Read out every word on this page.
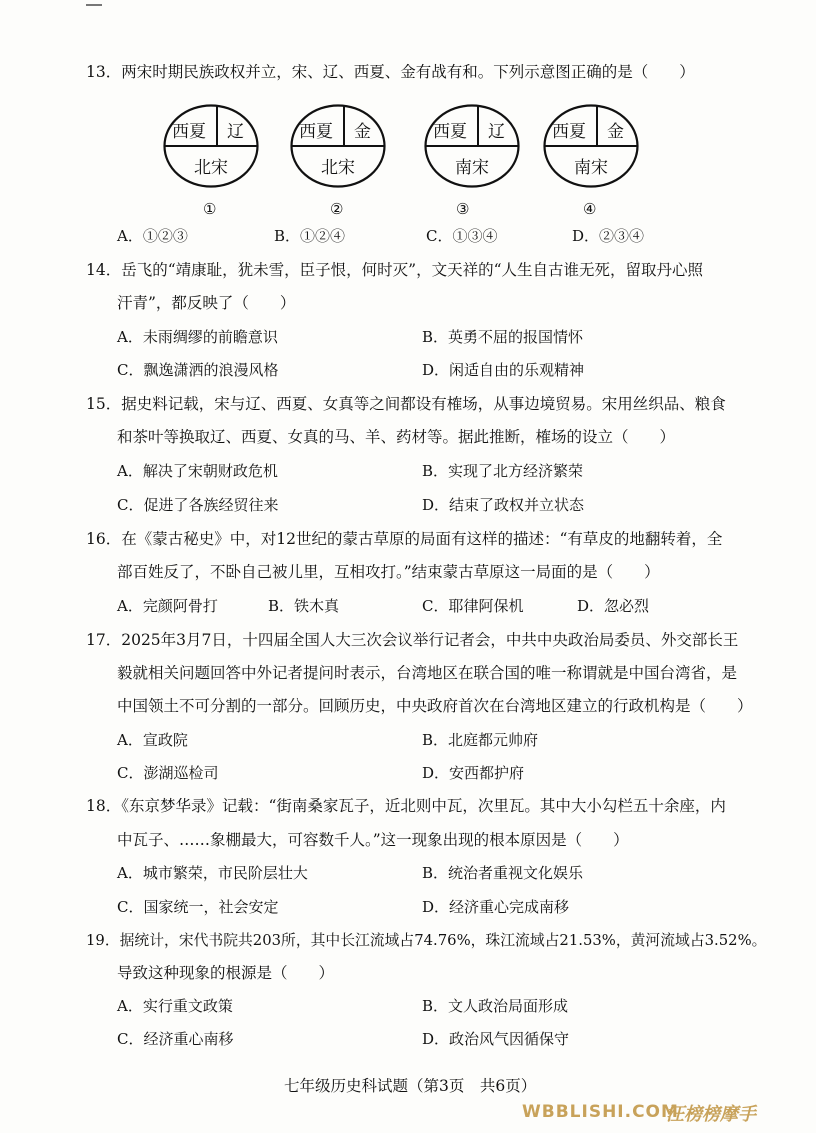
13．两宋时期民族政权并立，宋、辽、西夏、金有战有和。下列示意图正确的是（　　）
西夏 辽
北宋
①
西夏 金
北宋
②
西夏 辽
南宋
③
西夏 金
南宋
④
A．①②③	B．①②④	C．①③④	D．②③④
14．岳飞的“靖康耻，犹未雪，臣子恨，何时灭”，文天祥的“人生自古谁无死，留取丹心照
汗青”，都反映了（　　）
A．未雨绸缪的前瞻意识	B．英勇不屈的报国情怀
C．飘逸潇洒的浪漫风格	D．闲适自由的乐观精神
15．据史料记载，宋与辽、西夏、女真等之间都设有榷场，从事边境贸易。宋用丝织品、粮食
和茶叶等换取辽、西夏、女真的马、羊、药材等。据此推断，榷场的设立（　　）
A．解决了宋朝财政危机	B．实现了北方经济繁荣
C．促进了各族经贸往来	D．结束了政权并立状态
16．在《蒙古秘史》中，对12世纪的蒙古草原的局面有这样的描述：“有草皮的地翻转着，全
部百姓反了，不卧自己被儿里，互相攻打。”结束蒙古草原这一局面的是（　　）
A．完颜阿骨打	B．铁木真	C．耶律阿保机	D．忽必烈
17．2025年3月7日，十四届全国人大三次会议举行记者会，中共中央政治局委员、外交部长王
毅就相关问题回答中外记者提问时表示，台湾地区在联合国的唯一称谓就是中国台湾省，是
中国领土不可分割的一部分。回顾历史，中央政府首次在台湾地区建立的行政机构是（　　）
A．宣政院	B．北庭都元帅府
C．澎湖巡检司	D．安西都护府
18．《东京梦华录》记载：“街南桑家瓦子，近北则中瓦，次里瓦。其中大小勾栏五十余座，内
中瓦子、……象棚最大，可容数千人。”这一现象出现的根本原因是（　　）
A．城市繁荣，市民阶层壮大	B．统治者重视文化娱乐
C．国家统一，社会安定	D．经济重心完成南移
19．据统计，宋代书院共203所，其中长江流域占74.76%，珠江流域占21.53%，黄河流域占3.52%。
导致这种现象的根源是（　　）
A．实行重文政策	B．文人政治局面形成
C．经济重心南移	D．政治风气因循保守
七年级历史科试题（第3页　共6页）
WBBLISHI.COM
汪榜榜摩手
